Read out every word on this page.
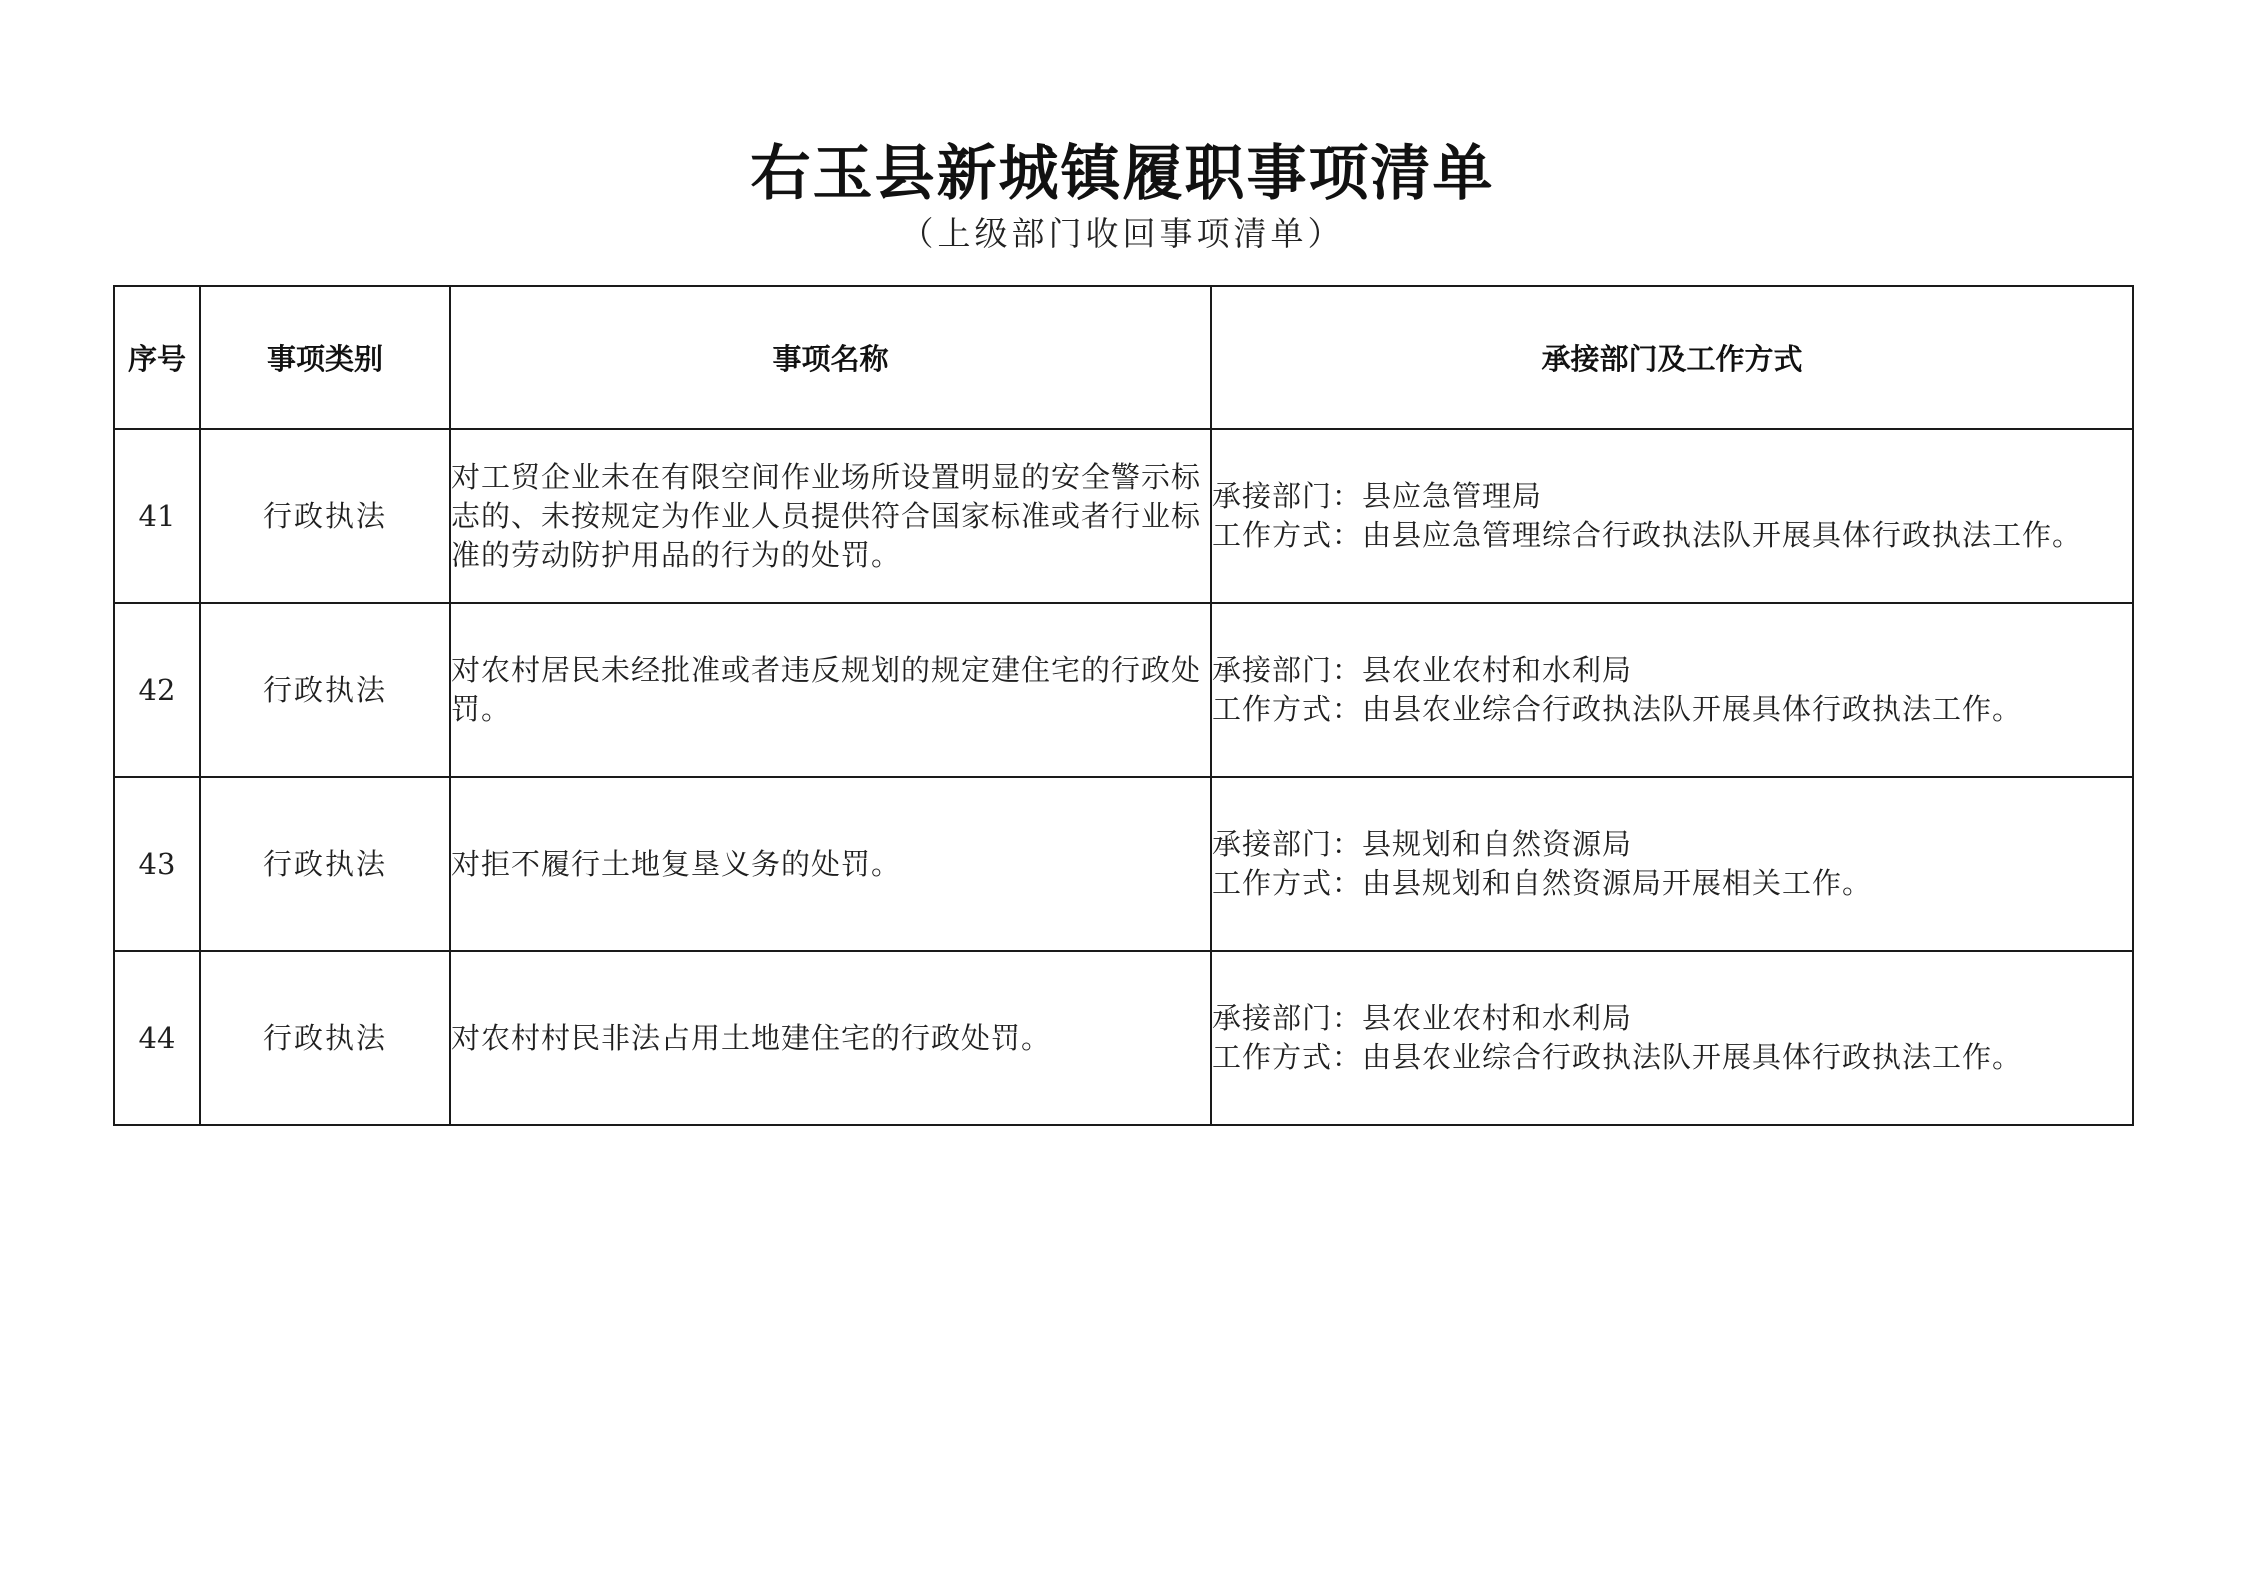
右玉县新城镇履职事项清单
（上级部门收回事项清单）
序号	事项类别	事项名称	承接部门及工作方式
41	行政执法	对工贸企业未在有限空间作业场所设置明显的安全警示标志的、未按规定为作业人员提供符合国家标准或者行业标准的劳动防护用品的行为的处罚。	承接部门：县应急管理局
工作方式：由县应急管理综合行政执法队开展具体行政执法工作。

42	行政执法	对农村居民未经批准或者违反规划的规定建住宅的行政处罚。	承接部门：县农业农村和水利局
工作方式：由县农业综合行政执法队开展具体行政执法工作。

43	行政执法	对拒不履行土地复垦义务的处罚。	承接部门：县规划和自然资源局
工作方式：由县规划和自然资源局开展相关工作。

44	行政执法	对农村村民非法占用土地建住宅的行政处罚。	承接部门：县农业农村和水利局
工作方式：由县农业综合行政执法队开展具体行政执法工作。
